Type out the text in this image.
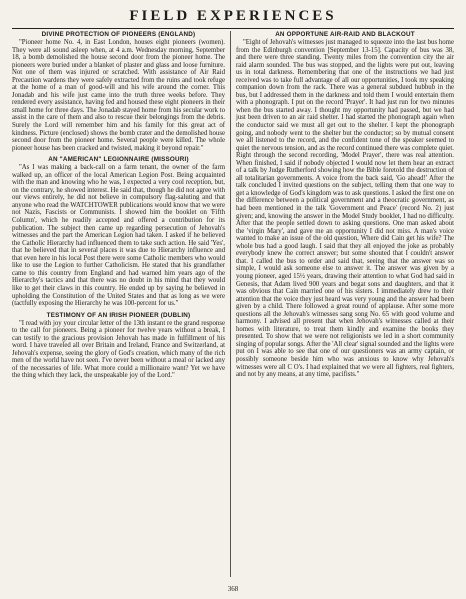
FIELD EXPERIENCES
DIVINE PROTECTION OF PIONEERS (ENGLAND)

"Pioneer home No. 4, in East London, houses eight pioneers (women). They were all sound asleep when, at 4 a.m. Wednesday morning, September 18, a bomb demolished the house second door from the pioneer home. The pioneers were buried under a blanket of plaster and glass and loose furniture. Not one of them was injured or scratched. With assistance of Air Raid Precaution wardens they were safely extracted from the ruins and took refuge at the home of a man of good-will and his wife around the corner. This Jonadab and his wife just came into the truth three weeks before. They rendered every assistance, having fed and housed these eight pioneers in their small home for three days. The Jonadab stayed home from his secular work to assist in the care of them and also to rescue their belongings from the debris. Surely the Lord will remember him and his family for this great act of kindness. Picture (enclosed) shows the bomb crater and the demolished house second door from the pioneer home. Several people were killed. The whole pioneer house has been cracked and twisted, making it beyond repair."

AN "AMERICAN" LEGIONNAIRE (MISSOURI)

"As I was making a back-call on a farm tenant, the owner of the farm walked up, an officer of the local American Legion Post. Being acquainted with the man and knowing who he was, I expected a very cool reception, but, on the contrary, he showed interest. He said that, though he did not agree with our views entirely, he did not believe in compulsory flag-saluting and that anyone who read the WATCHTOWER publications would know that we were not Nazis, Fascists or Communists. I showed him the booklet on 'Fifth Column', which he readily accepted and offered a contribution for its publication. The subject then came up regarding persecution of Jehovah's witnesses and the part the American Legion had taken. I asked if he believed the Catholic Hierarchy had influenced them to take such action. He said 'Yes', that he believed that in several places it was due to Hierarchy influence and that even here in his local Post there were some Catholic members who would like to use the Legion to further Catholicism. He stated that his grandfather came to this country from England and had warned him years ago of the Hierarchy's tactics and that there was no doubt in his mind that they would like to get their claws in this country. He ended up by saying he believed in upholding the Constitution of the United States and that as long as we were (tactfully exposing the Hierarchy he was 100-percent for us."

TESTIMONY OF AN IRISH PIONEER (DUBLIN)

"I read with joy your circular letter of the 13th instant re the grand response to the call for pioneers. Being a pioneer for twelve years without a break, I can testify to the gracious provision Jehovah has made in fulfillment of his word. I have traveled all over Britain and Ireland, France and Switzerland, at Jehovah's expense, seeing the glory of God's creation, which many of the rich men of the world have not seen. I've never been without a meal or lacked any of the necessaries of life. What more could a millionaire want? Yet we have the thing which they lack, the unspeakable joy of the Lord."

AN OPPORTUNE AIR-RAID AND BLACKOUT

"Eight of Jehovah's witnesses just managed to squeeze into the last bus home from the Edinburgh convention [September 13-15]. Capacity of bus was 38, and there were three standing. Twenty miles from the convention city the air raid alarm sounded. The bus was stopped, and the lights were put out, leaving us in total darkness. Remembering that one of the instructions we had just received was to take full advantage of all our opportunities, I took my speaking companion down from the rack. There was a general subdued hubbub in the bus, but I addressed them in the darkness and told them I would entertain them with a phonograph. I put on the record 'Prayer'. It had just run for two minutes when the bus started away. I thought my opportunity had passed, but we had just been driven to an air raid shelter. I had started the phonograph again when the conductor said we must all get out to the shelter. I kept the phonograph going, and nobody went to the shelter but the conductor; so by mutual consent we all listened to the record, and the confident tone of the speaker seemed to quiet the nervous tension, and as the record continued there was complete quiet. Right through the second recording, 'Model Prayer', there was real attention. When finished, I said if nobody objected I would now let them hear an extract of a talk by Judge Rutherford showing how the Bible foretold the destruction of all totalitarian governments. A voice from the back said, 'Go ahead!' After the talk concluded I invited questions on the subject, telling them that one way to get a knowledge of God's kingdom was to ask questions. I asked the first one on the difference between a political government and a theocratic government, as had been mentioned in the talk 'Government and Peace' (record No. 2) just given; and, knowing the answer in the Model Study booklet, I had no difficulty. After that the people settled down to asking questions. One man asked about the 'virgin Mary', and gave me an opportunity I did not miss. A man's voice wanted to make an issue of the old question, Where did Cain get his wife? The whole bus had a good laugh. I said that they all enjoyed the joke as probably everybody knew the correct answer; but some shouted that I couldn't answer that. I called the bus to order and said that, seeing that the answer was so simple, I would ask someone else to answer it. The answer was given by a young pioneer, aged 15½ years, drawing their attention to what God had said in Genesis, that Adam lived 900 years and begat sons and daughters, and that it was obvious that Cain married one of his sisters. I immediately drew to their attention that the voice they just heard was very young and the answer had been given by a child. There followed a great round of applause. After some more questions all the Jehovah's witnesses sang song No. 65 with good volume and harmony. I advised all present that when Jehovah's witnesses called at their homes with literature, to treat them kindly and examine the books they presented. To show that we were not religionists we led in a short community singing of popular songs. After the 'All clear' signal sounded and the lights were put on I was able to see that one of our questioners was an army captain, or possibly someone beside him who was anxious to know why Jehovah's witnesses were all C O's. I had explained that we were all fighters, real fighters, and not by any means, at any time, pacifists."

368
